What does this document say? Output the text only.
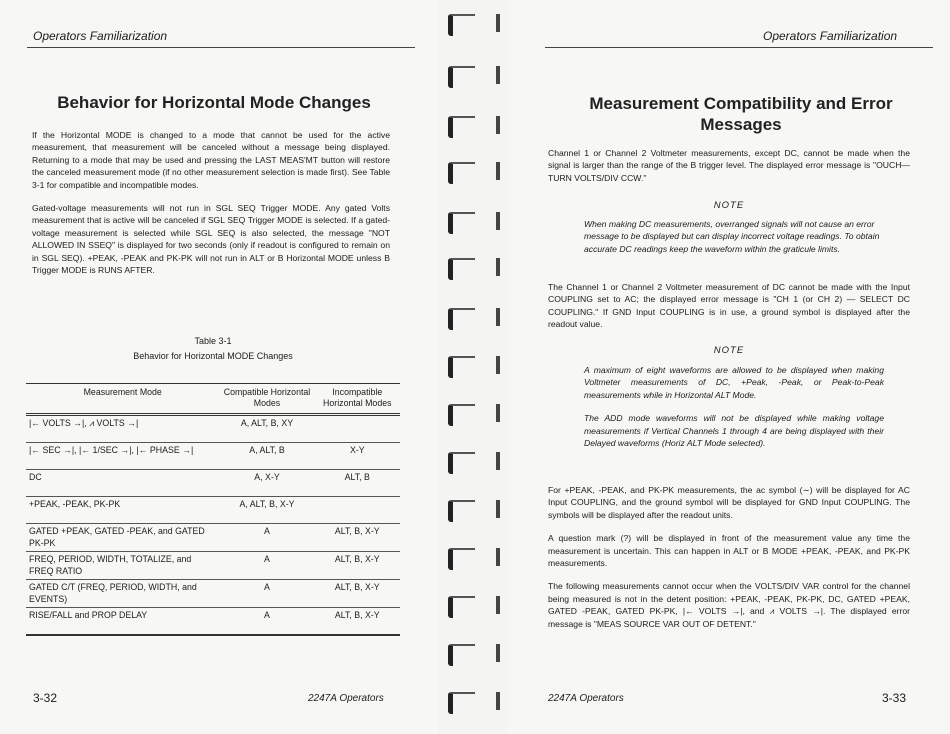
Operators Familiarization
Behavior for Horizontal Mode Changes

If the Horizontal MODE is changed to a mode that cannot be used for the active measurement, that measurement will be canceled without a message being displayed. Returning to a mode that may be used and pressing the LAST MEAS'MT button will restore the canceled measurement mode (if no other measurement selection is made first). See Table 3-1 for compatible and incompatible modes.

Gated-voltage measurements will not run in SGL SEQ Trigger MODE. Any gated Volts measurement that is active will be canceled if SGL SEQ Trigger MODE is selected. If a gated-voltage measurement is selected while SGL SEQ is also selected, the message "NOT ALLOWED IN SSEQ" is displayed for two seconds (only if readout is configured to remain on in SGL SEQ). +PEAK, -PEAK and PK-PK will not run in ALT or B Horizontal MODE unless B Trigger MODE is RUNS AFTER.

Table 3-1
Behavior for Horizontal MODE Changes
Measurement Mode	Compatible Horizontal Modes	Incompatible Horizontal Modes
|← VOLTS →|, ⩘ VOLTS →|	A, ALT, B, XY	
|← SEC →|, |← 1/SEC →|, |← PHASE →|	A, ALT, B	X-Y
DC	A, X-Y	ALT, B
+PEAK, -PEAK, PK-PK	A, ALT, B, X-Y	
GATED +PEAK, GATED -PEAK, and GATED PK-PK	A	ALT, B, X-Y
FREQ, PERIOD, WIDTH, TOTALIZE, and FREQ RATIO	A	ALT, B, X-Y
GATED C/T (FREQ, PERIOD, WIDTH, and EVENTS)	A	ALT, B, X-Y
RISE/FALL and PROP DELAY	A	ALT, B, X-Y
3-32	2247A Operators
Operators Familiarization
Measurement Compatibility and Error Messages
Channel 1 or Channel 2 Voltmeter measurements, except DC, cannot be made when the signal is larger than the range of the B trigger level. The displayed error message is "OUCH—TURN VOLTS/DIV CCW."
NOTE
When making DC measurements, overranged signals will not cause an error message to be displayed but can display incorrect voltage readings. To obtain accurate DC readings keep the waveform within the graticule limits.
The Channel 1 or Channel 2 Voltmeter measurement of DC cannot be made with the Input COUPLING set to AC; the displayed error message is "CH 1 (or CH 2) — SELECT DC COUPLING." If GND Input COUPLING is in use, a ground symbol is displayed after the readout value.
NOTE

A maximum of eight waveforms are allowed to be displayed when making Voltmeter measurements of DC, +Peak, -Peak, or Peak-to-Peak measurements while in Horizontal ALT Mode.

The ADD mode waveforms will not be displayed while making voltage measurements if Vertical Channels 1 through 4 are being displayed with their Delayed waveforms (Horiz ALT Mode selected).

For +PEAK, -PEAK, and PK-PK measurements, the ac symbol (∼) will be displayed for AC Input COUPLING, and the ground symbol will be displayed for GND Input COUPLING. The symbols will be displayed after the readout units.

A question mark (?) will be displayed in front of the measurement value any time the measurement is uncertain. This can happen in ALT or B MODE +PEAK, -PEAK, and PK-PK measurements.

The following measurements cannot occur when the VOLTS/DIV VAR control for the channel being measured is not in the detent position: +PEAK, -PEAK, PK-PK, DC, GATED +PEAK, GATED -PEAK, GATED PK-PK, |← VOLTS →|, and ⩘ VOLTS →|. The displayed error message is "MEAS SOURCE VAR OUT OF DETENT."

2247A Operators	3-33
